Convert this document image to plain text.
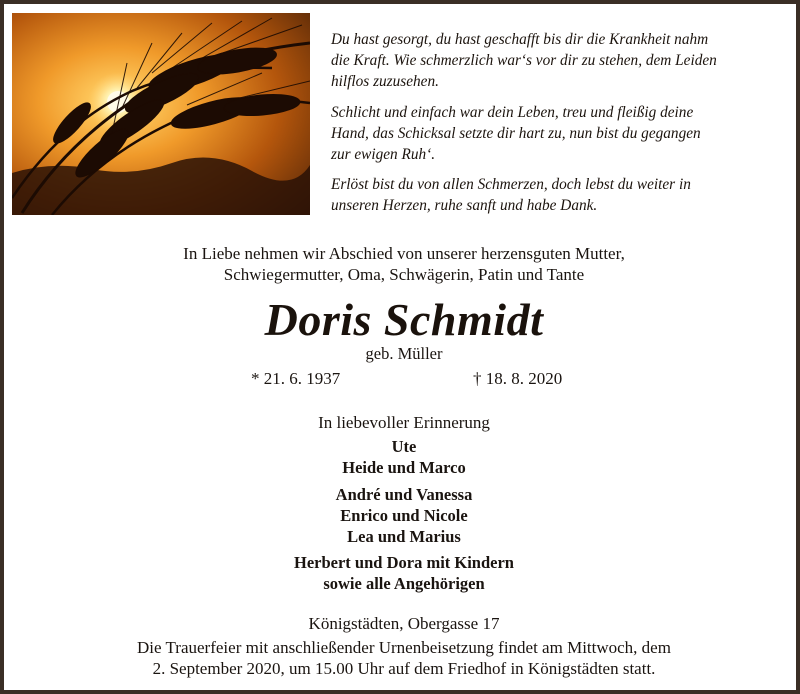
Du hast gesorgt, du hast geschafft bis dir die Krankheit nahm
die Kraft. Wie schmerzlich war‘s vor dir zu stehen, dem Leiden
hilflos zuzusehen.

Schlicht und einfach war dein Leben, treu und fleißig deine
Hand, das Schicksal setzte dir hart zu, nun bist du gegangen
zur ewigen Ruh‘.

Erlöst bist du von allen Schmerzen, doch lebst du weiter in
unseren Herzen, ruhe sanft und habe Dank.

In Liebe nehmen wir Abschied von unserer herzensguten Mutter,
Schwiegermutter, Oma, Schwägerin, Patin und Tante
Doris Schmidt
geb. Müller
* 21. 6. 1937	† 18. 8. 2020
In liebevoller Erinnerung
Ute
Heide und Marco
André und Vanessa
Enrico und Nicole
Lea und Marius
Herbert und Dora mit Kindern
sowie alle Angehörigen
Königstädten, Obergasse 17
Die Trauerfeier mit anschließender Urnenbeisetzung findet am Mittwoch, dem
2. September 2020, um 15.00 Uhr auf dem Friedhof in Königstädten statt.
